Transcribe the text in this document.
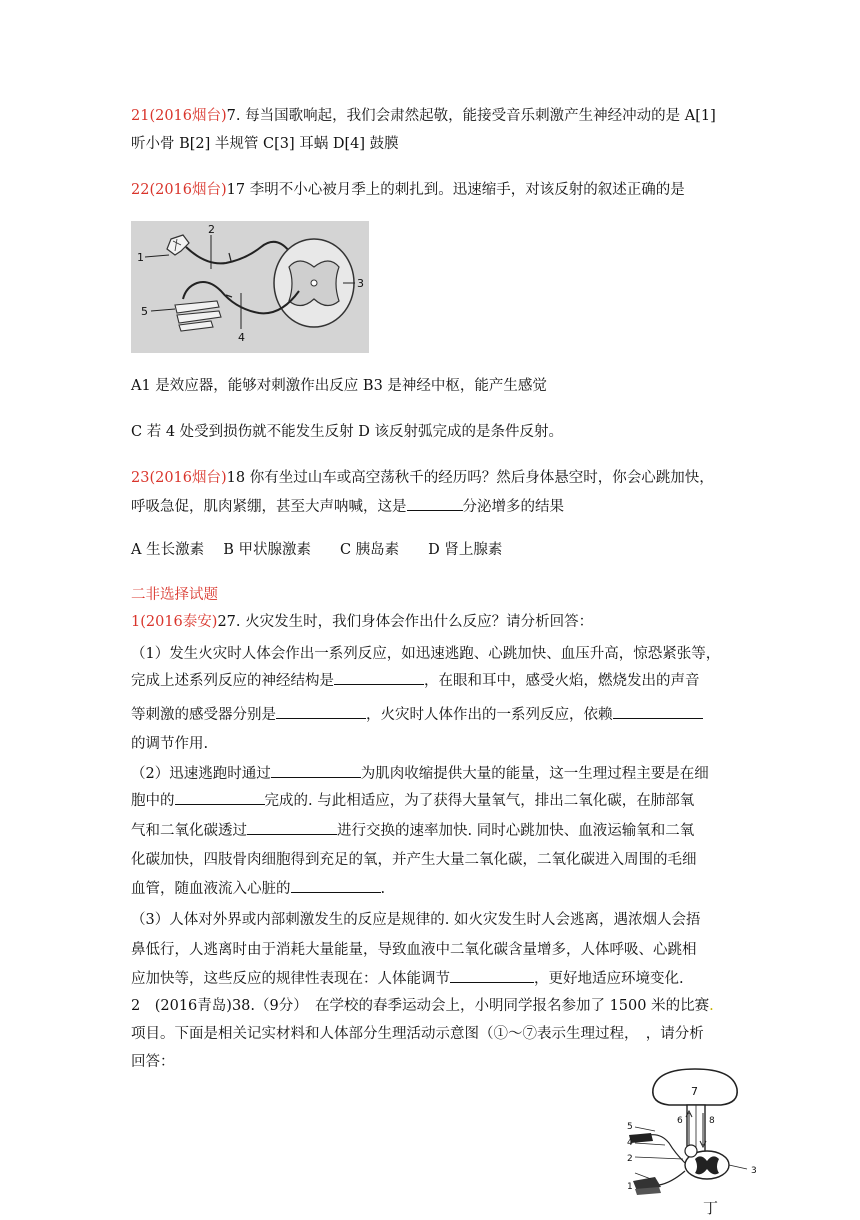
21(2016烟台)7. 每当国歌响起，我们会肃然起敬，能接受音乐刺激产生神经冲动的是 A[1]
听小骨 B[2] 半规管 C[3] 耳蜗 D[4] 鼓膜
22(2016烟台)17 李明不小心被月季上的刺扎到。迅速缩手，对该反射的叙述正确的是
1
2
3
4
5
A1 是效应器，能够对刺激作出反应 B3 是神经中枢，能产生感觉
C 若 4 处受到损伤就不能发生反射 D 该反射弧完成的是条件反射。
23(2016烟台)18 你有坐过山车或高空荡秋千的经历吗？然后身体悬空时，你会心跳加快，
呼吸急促，肌肉紧绷，甚至大声呐喊，这是	分泌增多的结果
A 生长激素　 B 甲状腺激素　　C 胰岛素　　D 肾上腺素
二非选择试题
1(2016泰安)27. 火灾发生时，我们身体会作出什么反应？请分析回答：
（1）发生火灾时人体会作出一系列反应，如迅速逃跑、心跳加快、血压升高，惊恐紧张等，
完成上述系列反应的神经结构是	，在眼和耳中，感受火焰，燃烧发出的声音
等刺激的感受器分别是	，火灾时人体作出的一系列反应，依赖
的调节作用.
（2）迅速逃跑时通过	为肌肉收缩提供大量的能量，这一生理过程主要是在细
胞中的	完成的. 与此相适应，为了获得大量氧气，排出二氧化碳，在肺部氧
气和二氧化碳透过	进行交换的速率加快. 同时心跳加快、血液运输氧和二氧
化碳加快，四肢骨肉细胞得到充足的氧，并产生大量二氧化碳，二氧化碳进入周围的毛细
血管，随血液流入心脏的	.
（3）人体对外界或内部刺激发生的反应是规律的. 如火灾发生时人会逃离，遇浓烟人会捂
鼻低行，人逃离时由于消耗大量能量，导致血液中二氧化碳含量增多，人体呼吸、心跳相
应加快等，这些反应的规律性表现在：人体能调节	，更好地适应环境变化.
2　(2016青岛)38.（9分）　在学校的春季运动会上，小明同学报名参加了 1500 米的比赛.
项目。下面是相关记实材料和人体部分生理活动示意图（①～⑦表示生理过程，　，请分析
回答：
7
6	8
5
4
3
2
1
丁
